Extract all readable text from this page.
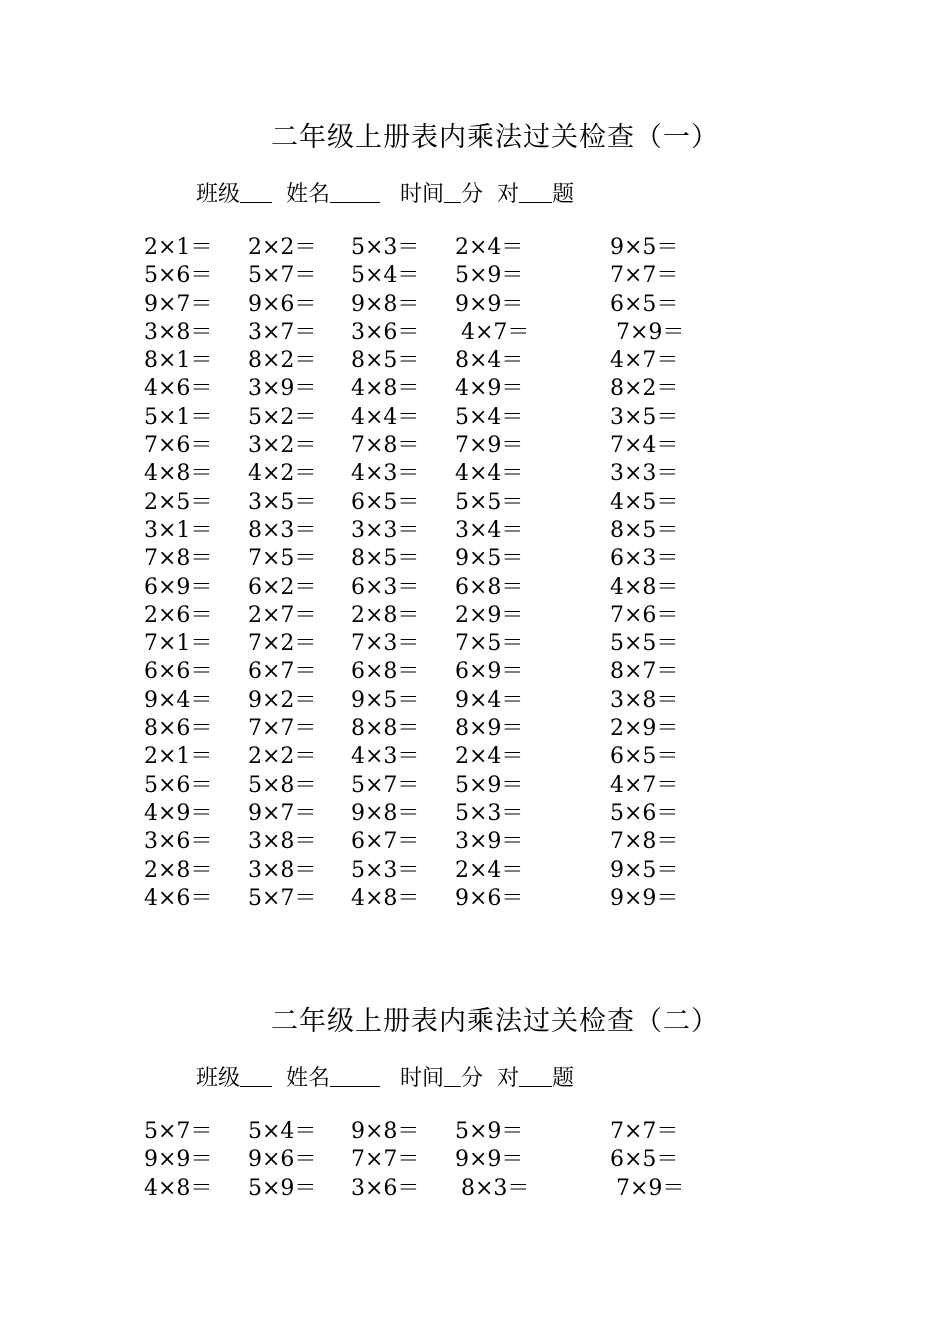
二年级上册表内乘法过关检查（一）
班级 姓名	时间 分 对 题
2×1＝ 2×2＝ 5×3＝ 2×4＝	9×5＝
5×6＝ 5×7＝ 5×4＝ 5×9＝	7×7＝
9×7＝ 9×6＝ 9×8＝ 9×9＝	6×5＝
3×8＝ 3×7＝ 3×6＝ 4×7＝	7×9＝
8×1＝ 8×2＝ 8×5＝ 8×4＝	4×7＝
4×6＝ 3×9＝ 4×8＝ 4×9＝	8×2＝
5×1＝ 5×2＝ 4×4＝ 5×4＝	3×5＝
7×6＝ 3×2＝ 7×8＝ 7×9＝	7×4＝
4×8＝ 4×2＝ 4×3＝ 4×4＝	3×3＝
2×5＝ 3×5＝ 6×5＝ 5×5＝	4×5＝
3×1＝ 8×3＝ 3×3＝ 3×4＝	8×5＝
7×8＝ 7×5＝ 8×5＝ 9×5＝	6×3＝
6×9＝ 6×2＝ 6×3＝ 6×8＝	4×8＝
2×6＝ 2×7＝ 2×8＝ 2×9＝	7×6＝
7×1＝ 7×2＝ 7×3＝ 7×5＝	5×5＝
6×6＝ 6×7＝ 6×8＝ 6×9＝	8×7＝
9×4＝ 9×2＝ 9×5＝ 9×4＝	3×8＝
8×6＝ 7×7＝ 8×8＝ 8×9＝	2×9＝
2×1＝ 2×2＝ 4×3＝ 2×4＝	6×5＝
5×6＝ 5×8＝ 5×7＝ 5×9＝	4×7＝
4×9＝ 9×7＝ 9×8＝ 5×3＝	5×6＝
3×6＝ 3×8＝ 6×7＝ 3×9＝	7×8＝
2×8＝ 3×8＝ 5×3＝ 2×4＝	9×5＝
4×6＝ 5×7＝ 4×8＝ 9×6＝	9×9＝
二年级上册表内乘法过关检查（二）
班级 姓名	时间 分 对 题
5×7＝ 5×4＝ 9×8＝ 5×9＝	7×7＝
9×9＝ 9×6＝ 7×7＝ 9×9＝	6×5＝
4×8＝ 5×9＝ 3×6＝ 8×3＝	7×9＝
